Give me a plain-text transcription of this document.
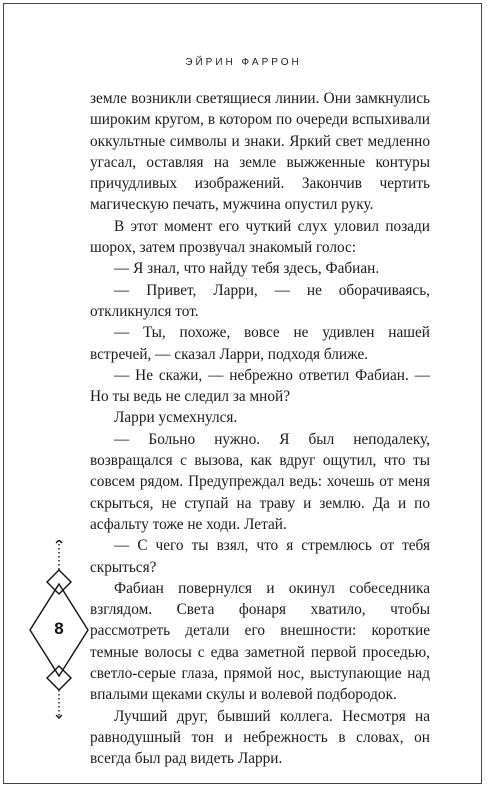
ЭЙРИН ФАРРОН

земле возникли светящиеся линии. Они замкнулись широким кругом, в котором по очереди вспыхивали оккультные символы и знаки. Яркий свет медленно угасал, оставляя на земле выжженные контуры причудливых изображений. Закончив чертить магическую печать, мужчина опустил руку.

В этот момент его чуткий слух уловил позади шорох, затем прозвучал знакомый голос:

— Я знал, что найду тебя здесь, Фабиан.

— Привет, Ларри, — не оборачиваясь, откликнулся тот.

— Ты, похоже, вовсе не удивлен нашей встречей, — сказал Ларри, подходя ближе.

— Не скажи, — небрежно ответил Фабиан. — Но ты ведь не следил за мной?

Ларри усмехнулся.

— Больно нужно. Я был неподалеку, возвращался с вызова, как вдруг ощутил, что ты совсем рядом. Предупреждал ведь: хочешь от меня скрыться, не ступай на траву и землю. Да и по асфальту тоже не ходи. Летай.

— С чего ты взял, что я стремлюсь от тебя скрыться?

Фабиан повернулся и окинул собеседника взглядом. Света фонаря хватило, чтобы рассмотреть детали его внешности: короткие темные волосы с едва заметной первой проседью, светло-серые глаза, прямой нос, выступающие над впалыми щеками скулы и волевой подбородок.

Лучший друг, бывший коллега. Несмотря на равнодушный тон и небрежность в словах, он всегда был рад видеть Ларри.

8
